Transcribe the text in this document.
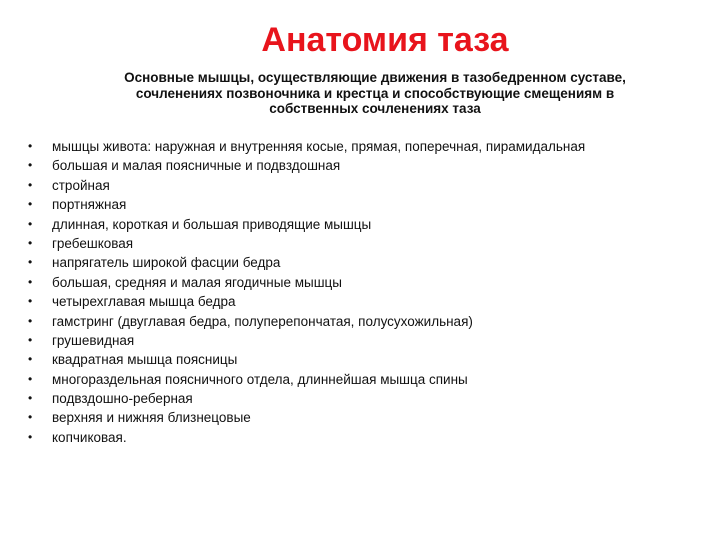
Анатомия таза
Основные мышцы, осуществляющие движения в тазобедренном суставе,
сочленениях позвоночника и крестца и способствующие смещениям в
собственных сочленениях таза
• мышцы живота: наружная и внутренняя косые, прямая, поперечная, пирамидальная
• большая и малая поясничные и подвздошная
• стройная
• портняжная
• длинная, короткая и большая приводящие мышцы
• гребешковая
• напрягатель широкой фасции бедра
• большая, средняя и малая ягодичные мышцы
• четырехглавая мышца бедра
• гамстринг (двуглавая бедра, полуперепончатая, полусухожильная)
• грушевидная
• квадратная мышца поясницы
• многораздельная поясничного отдела, длиннейшая мышца спины
• подвздошно-реберная
• верхняя и нижняя близнецовые
• копчиковая.
